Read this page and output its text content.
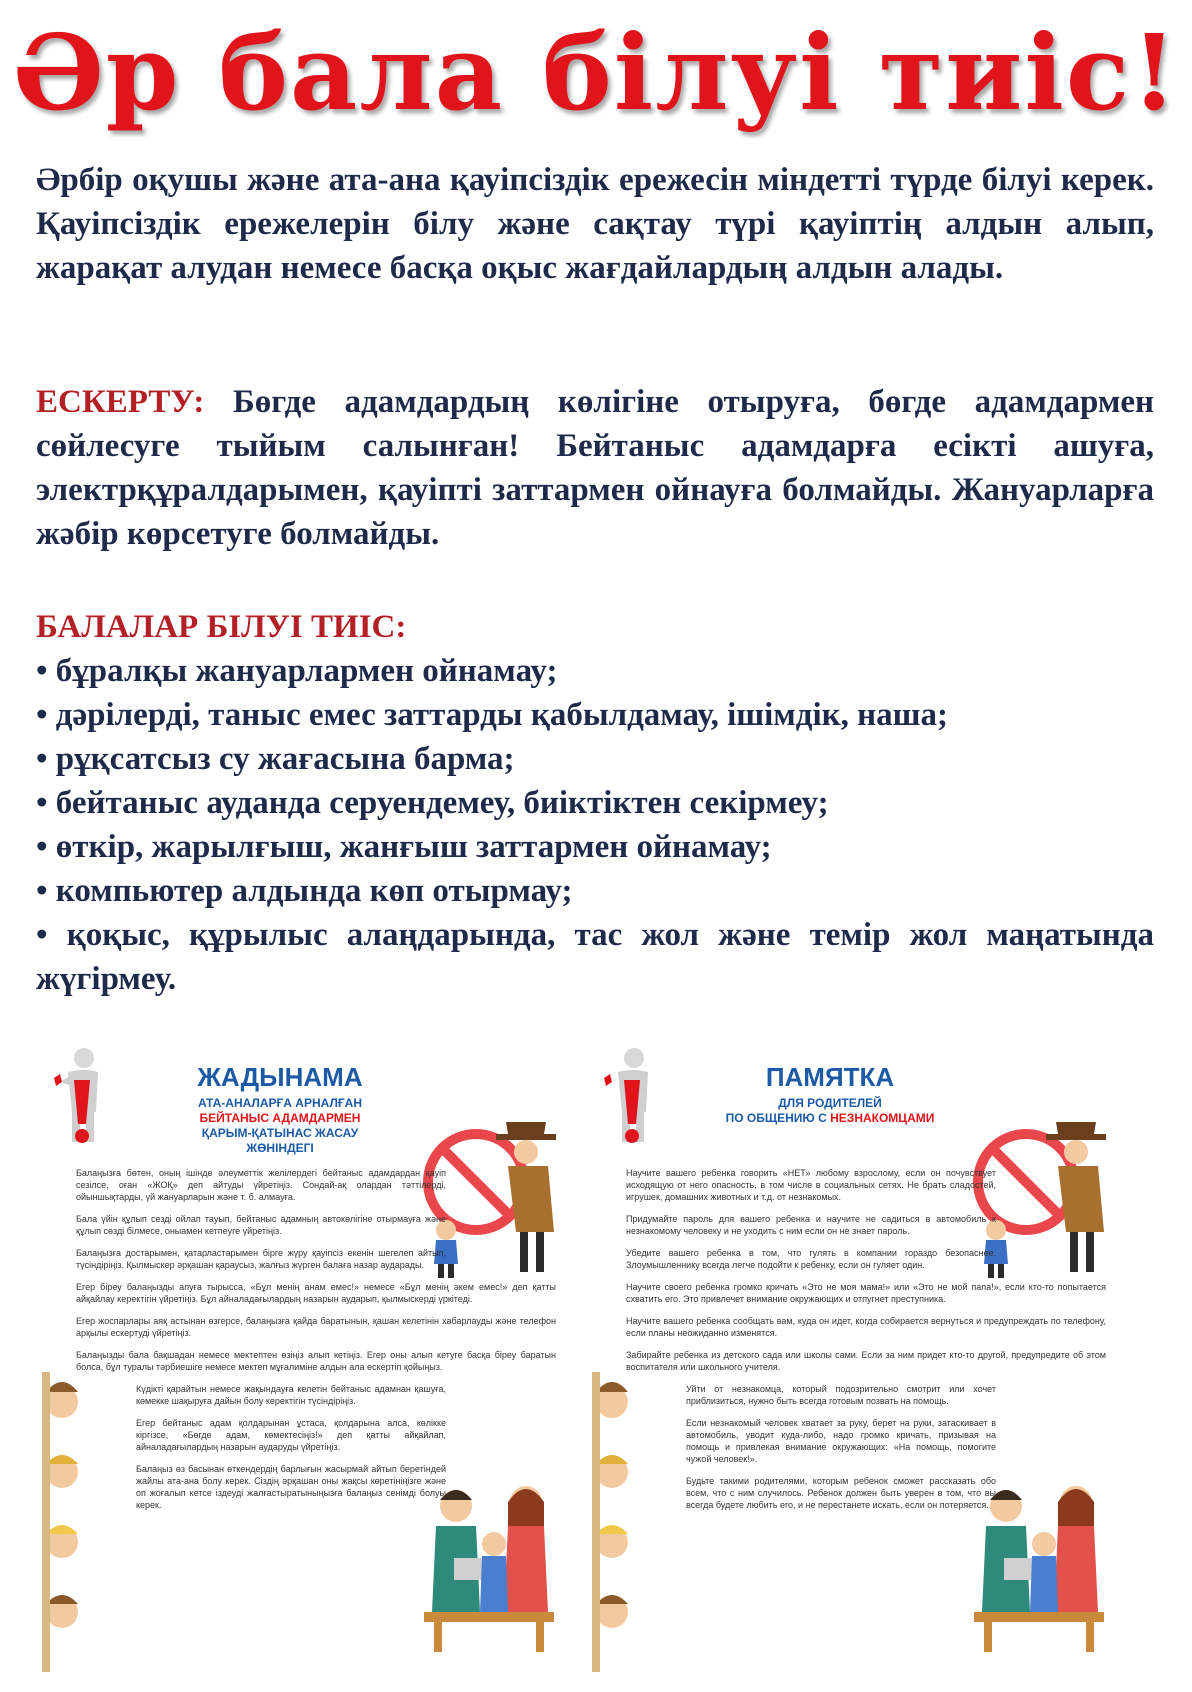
Әр бала білуі тиіс!

Әрбір оқушы және ата-ана қауіпсіздік ережесін міндетті түрде білуі керек. Қауіпсіздік ережелерін білу және сақтау түрі қауіптің алдын алып, жарақат алудан немесе басқа оқыс жағдайлардың алдын алады.

ЕСКЕРТУ: Бөгде адамдардың көлігіне отыруға, бөгде адамдармен сөйлесуге тыйым салынған! Бейтаныс адамдарға есікті ашуға, электрқұралдарымен, қауіпті заттармен ойнауға болмайды. Жануарларға жәбір көрсетуге болмайды.

БАЛАЛАР БІЛУІ ТИІС:

• бұралқы жануарлармен ойнамау;
• дәрілерді, таныс емес заттарды қабылдамау, ішімдік, наша;
• рұқсатсыз су жағасына барма;
• бейтаныс ауданда серуендемеу, биіктіктен секірмеу;
• өткір, жарылғыш, жанғыш заттармен ойнамау;
• компьютер алдында көп отырмау;
• қоқыс, құрылыс алаңдарында, тас жол және темір жол маңатында жүгірмеу.

ЖАДЫНАМА

АТА-АНАЛАРҒА АРНАЛҒАН

БЕЙТАНЫС АДАМДАРМЕН

ҚАРЫМ-ҚАТЫНАС ЖАСАУ ЖӨНІНДЕГІ

Балаңызға бөтен, оның ішінде әлеуметтік желілердегі бейтаныс адамдардан қауіп сезілсе, оған «ЖОҚ» деп айтуды үйретіңіз. Сондай-ақ олардан тәттілерді, ойыншықтарды, үй жануарларын және т. б. алмауға.
Бала үйін құлып сезді ойлап тауып, бейтаныс адамның автокөлігіне отырмауға және құлып сөзді білмесе, оныамен кетпеуге үйретіңіз.
Балаңызға достарымен, қатарластарымен бірге жүру қауіпсіз екенін шегелеп айтып, түсіндіріңіз. Қылмыскер әрқашан қараусыз, жалғыз жүрген балаға назар аударады.
Егер біреу балаңызды апуға тырысса, «Бұл менің анам емес!» немесе «Бұл менің әкем емес!» деп қатты айқайлау керектігін үйретіңіз. Бұл айналадағылардың назарын аударып, қылмыскерді үркітеді.
Егер жоспарлары аяқ астынан өзгерсе, балаңызға қайда баратынын, қашан келетінін хабарлауды және телефон арқылы ескертуді үйретіңіз.
Балаңызды бала бақшадан немесе мектептен өзіңіз алып кетіңіз. Егер оны алып кетуге басқа біреу баратын болса, бұл туралы тәрбиешіге немесе мектеп мұғалиміне алдын ала ескертіп қойыңыз.
Күдікті қарайтын немесе жақындауға келетін бейтаныс адамнан қашуға, көмекке шақыруға дайын болу керектігін түсіндіріңіз.
Егер бейтаныс адам қолдарынан ұстаса, қолдарына алса, көлікке кіргізсе, «Бөгде адам, көмектесіңіз!» деп қатты айқайлап, айналадағылардың назарын аударуды үйретіңіз.
Балаңыз өз басынан өткендердің барлығын жасырмай айтып беретіндей жайлы ата-ана болу керек. Сіздің әрқашан оны жақсы көретініңізге және оп жоғалып кетсе іздеуді жалғастыратыныңызға балаңыз сенімді болуы керек.

ПАМЯТКА

ДЛЯ РОДИТЕЛЕЙ

ПО ОБЩЕНИЮ С НЕЗНАКОМЦАМИ

Научите вашего ребенка говорить «НЕТ» любому взрослому, если он почувствует исходящую от него опасность, в том числе в социальных сетях. Не брать сладостей, игрушек, домашних животных и т.д. от незнакомых.
Придумайте пароль для вашего ребенка и научите не садиться в автомобиль к незнакомому человеку и не уходить с ним если он не знает пароль.
Убедите вашего ребенка в том, что гулять в компании гораздо безопаснее. Злоумышленнику всегда легче подойти к ребенку, если он гуляет один.
Научите своего ребенка громко кричать «Это не моя мама!» или «Это не мой папа!», если кто-то попытается схватить его. Это привлечет внимание окружающих и отпугнет преступника.
Научите вашего ребенка сообщать вам, куда он идет, когда собирается вернуться и предупреждать по телефону, если планы неожиданно изменятся.
Забирайте ребенка из детского сада или школы сами. Если за ним придет кто-то другой, предупредите об этом воспитателя или школьного учителя.
Уйти от незнакомца, который подозрительно смотрит или хочет приблизиться, нужно быть всегда готовым позвать на помощь.
Если незнакомый человек хватает за руку, берет на руки, затаскивает в автомобиль, уводит куда-либо, надо громко кричать, призывая на помощь и привлекая внимание окружающих: «На помощь, помогите чужой человек!».
Будьте такими родителями, которым ребенок сможет рассказать обо всем, что с ним случилось. Ребенок должен быть уверен в том, что вы всегда будете любить его, и не перестанете искать, если он потеряется.
